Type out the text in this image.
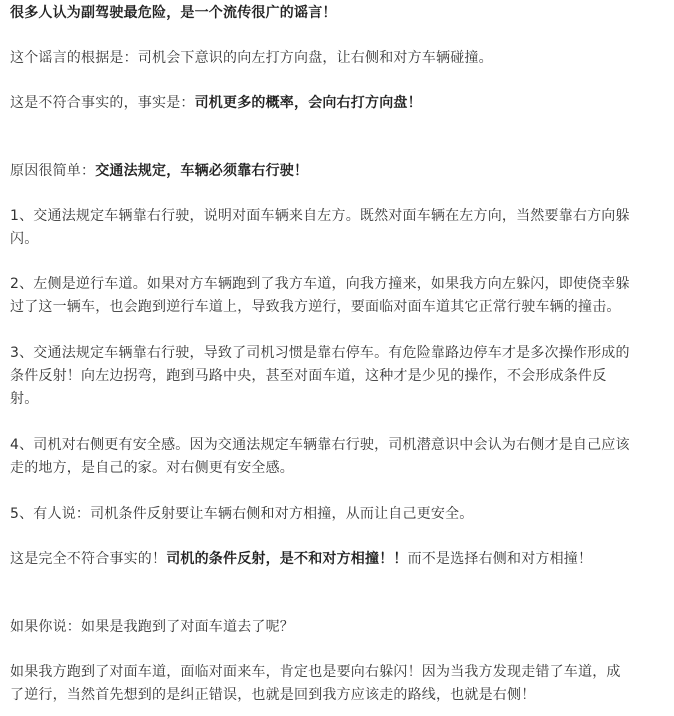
很多人认为副驾驶最危险，是一个流传很广的谣言！

这个谣言的根据是：司机会下意识的向左打方向盘，让右侧和对方车辆碰撞。

这是不符合事实的，事实是：司机更多的概率，会向右打方向盘！

原因很简单：交通法规定，车辆必须靠右行驶！

1、交通法规定车辆靠右行驶，说明对面车辆来自左方。既然对面车辆在左方向，当然要靠右方向躲

闪。

2、左侧是逆行车道。如果对方车辆跑到了我方车道，向我方撞来，如果我方向左躲闪，即使侥幸躲

过了这一辆车，也会跑到逆行车道上，导致我方逆行，要面临对面车道其它正常行驶车辆的撞击。

3、交通法规定车辆靠右行驶，导致了司机习惯是靠右停车。有危险靠路边停车才是多次操作形成的

条件反射！向左边拐弯，跑到马路中央，甚至对面车道，这种才是少见的操作，不会形成条件反

射。

4、司机对右侧更有安全感。因为交通法规定车辆靠右行驶，司机潜意识中会认为右侧才是自己应该

走的地方，是自己的家。对右侧更有安全感。

5、有人说：司机条件反射要让车辆右侧和对方相撞，从而让自己更安全。

这是完全不符合事实的！司机的条件反射，是不和对方相撞！！而不是选择右侧和对方相撞！

如果你说：如果是我跑到了对面车道去了呢？

如果我方跑到了对面车道，面临对面来车，肯定也是要向右躲闪！因为当我方发现走错了车道，成

了逆行，当然首先想到的是纠正错误，也就是回到我方应该走的路线，也就是右侧！
